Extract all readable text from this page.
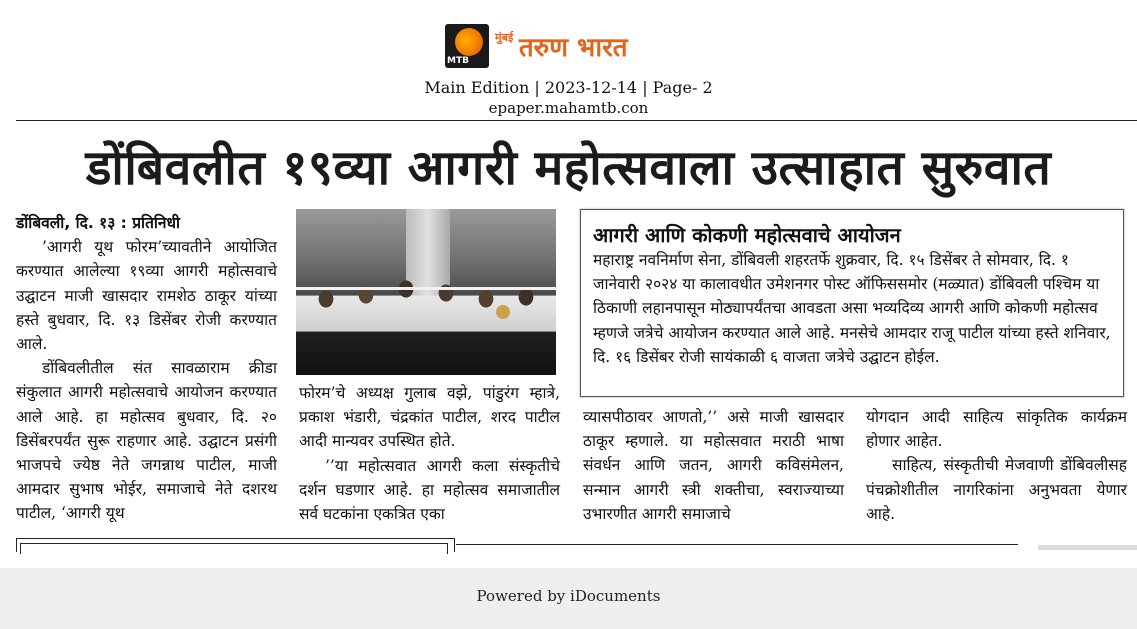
MTB
$^{मुंबई}$ तरुण भारत
Main Edition | 2023-12-14 | Page- 2
epaper.mahamtb.con
डोंबिवलीत १९व्या आगरी महोत्सवाला उत्साहात सुरुवात

डोंबिवली, दि. १३ : प्रतिनिधी

’आगरी यूथ फोरम’च्यावतीने आयोजित करण्यात आलेल्या १९व्या आगरी महोत्सवाचे उद्घाटन माजी खासदार रामशेठ ठाकूर यांच्या हस्ते बुधवार, दि. १३ डिसेंबर रोजी करण्यात आले.

डोंबिवलीतील संत सावळाराम क्रीडा संकुलात आगरी महोत्सवाचे आयोजन करण्यात आले आहे. हा महोत्सव बुधवार, दि. २० डिसेंबरपर्यंत सुरू राहणार आहे. उद्घाटन प्रसंगी भाजपचे ज्येष्ठ नेते जगन्नाथ पाटील, माजी आमदार सुभाष भोईर, समाजाचे नेते दशरथ पाटील, ‘आगरी यूथ

फोरम’चे अध्यक्ष गुलाब वझे, पांडुरंग म्हात्रे, प्रकाश भंडारी, चंद्रकांत पाटील, शरद पाटील आदी मान्यवर उपस्थित होते.

’’या महोत्सवात आगरी कला संस्कृतीचे दर्शन घडणार आहे. हा महोत्सव समाजातील सर्व घटकांना एकत्रित एका

आगरी आणि कोकणी महोत्सवाचे आयोजन
महाराष्ट्र नवनिर्माण सेना, डोंबिवली शहरतर्फे शुक्रवार, दि. १५ डिसेंबर ते सोमवार, दि. १ जानेवारी २०२४ या कालावधीत उमेशनगर पोस्ट ऑफिससमोर (मळ्यात) डोंबिवली पश्चिम या ठिकाणी लहानपासून मोठ्यापर्यंतचा आवडता असा भव्यदिव्य आगरी आणि कोकणी महोत्सव म्हणजे जत्रेचे आयोजन करण्यात आले आहे. मनसेचे आमदार राजू पाटील यांच्या हस्ते शनिवार, दि. १६ डिसेंबर रोजी सायंकाळी ६ वाजता जत्रेचे उद्घाटन होईल.

व्यासपीठावर आणतो,’’ असे माजी खासदार ठाकूर म्हणाले. या महोत्सवात मराठी भाषा संवर्धन आणि जतन, आगरी कविसंमेलन, सन्मान आगरी स्त्री शक्तीचा, स्वराज्याच्या उभारणीत आगरी समाजाचे

योगदान आदी साहित्य सांकृतिक कार्यक्रम होणार आहेत.

साहित्य, संस्कृतीची मेजवाणी डोंबिवलीसह पंचक्रोशीतील नागरिकांना अनुभवता येणार आहे.

Powered by iDocuments
